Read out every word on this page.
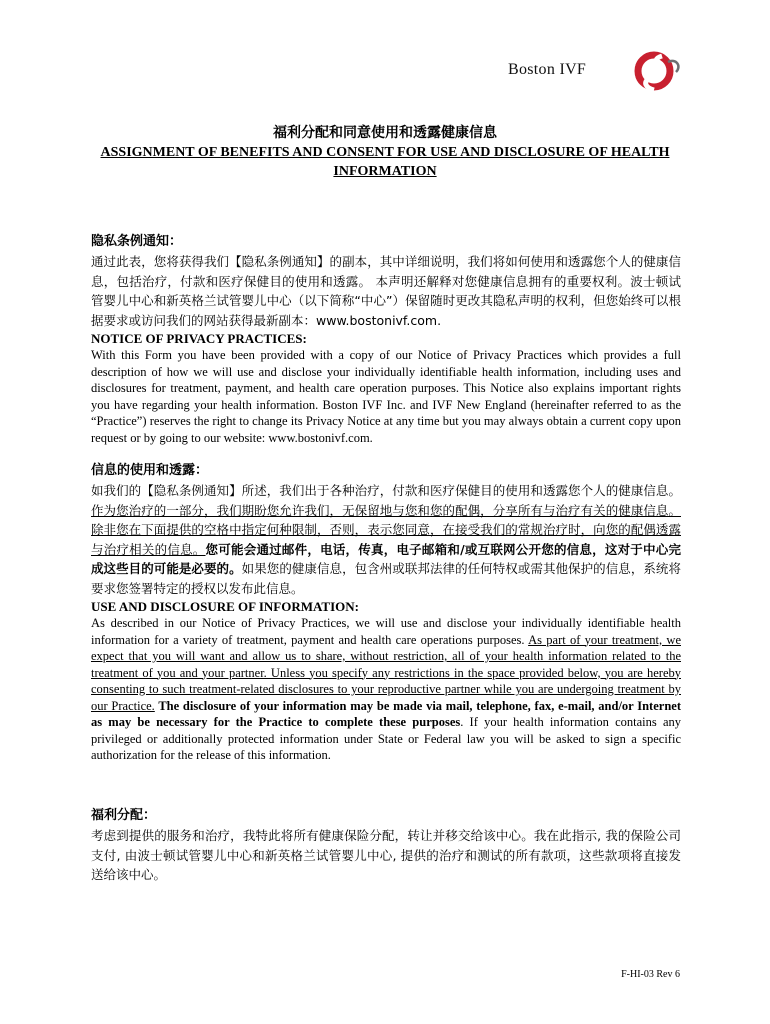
Boston IVF
福利分配和同意使用和透露健康信息
ASSIGNMENT OF BENEFITS AND CONSENT FOR USE AND DISCLOSURE OF HEALTH INFORMATION

隐私条例通知：

通过此表，您将获得我们【隐私条例通知】的副本，其中详细说明，我们将如何使用和透露您个人的健康信息，包括治疗，付款和医疗保健目的使用和透露。 本声明还解释对您健康信息拥有的重要权利。波士顿试管婴儿中心和新英格兰试管婴儿中心（以下简称“中心”）保留随时更改其隐私声明的权利，但您始终可以根据要求或访问我们的网站获得最新副本：www.bostonivf.com.

NOTICE OF PRIVACY PRACTICES:

With this Form you have been provided with a copy of our Notice of Privacy Practices which provides a full description of how we will use and disclose your individually identifiable health information, including uses and disclosures for treatment, payment, and health care operation purposes. This Notice also explains important rights you have regarding your health information. Boston IVF Inc. and IVF New England (hereinafter referred to as the “Practice”) reserves the right to change its Privacy Notice at any time but you may always obtain a current copy upon request or by going to our website: www.bostonivf.com.

信息的使用和透露：

如我们的【隐私条例通知】所述，我们出于各种治疗，付款和医疗保健目的使用和透露您个人的健康信息。 作为您治疗的一部分，我们期盼您允许我们，无保留地与您和您的配偶，分享所有与治疗有关的健康信息。 除非您在下面提供的空格中指定何种限制，否则，表示您同意，在接受我们的常规治疗时，向您的配偶透露与治疗相关的信息。您可能会通过邮件，电话，传真，电子邮箱和/或互联网公开您的信息，这对于中心完成这些目的可能是必要的。如果您的健康信息，包含州或联邦法律的任何特权或需其他保护的信息，系统将要求您签署特定的授权以发布此信息。

USE AND DISCLOSURE OF INFORMATION:

As described in our Notice of Privacy Practices, we will use and disclose your individually identifiable health information for a variety of treatment, payment and health care operations purposes. As part of your treatment, we expect that you will want and allow us to share, without restriction, all of your health information related to the treatment of you and your partner. Unless you specify any restrictions in the space provided below, you are hereby consenting to such treatment-related disclosures to your reproductive partner while you are undergoing treatment by our Practice. The disclosure of your information may be made via mail, telephone, fax, e-mail, and/or Internet as may be necessary for the Practice to complete these purposes. If your health information contains any privileged or additionally protected information under State or Federal law you will be asked to sign a specific authorization for the release of this information.

福利分配：

考虑到提供的服务和治疗，我特此将所有健康保险分配，转让并移交给该中心。我在此指示, 我的保险公司支付, 由波士顿试管婴儿中心和新英格兰试管婴儿中心, 提供的治疗和测试的所有款项，这些款项将直接发送给该中心。

F-HI-03 Rev 6
